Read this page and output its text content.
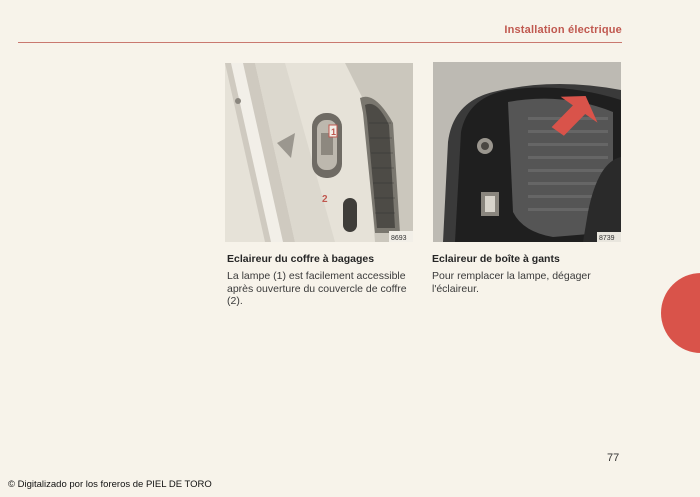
Installation électrique
1
2
8693	8739
Eclaireur du coffre à bagages
La lampe (1) est facilement accessible après ouverture du couvercle de coffre (2).
Eclaireur de boîte à gants
Pour remplacer la lampe, dégager l'éclaireur.
77
© Digitalizado por los foreros de PIEL DE TORO
